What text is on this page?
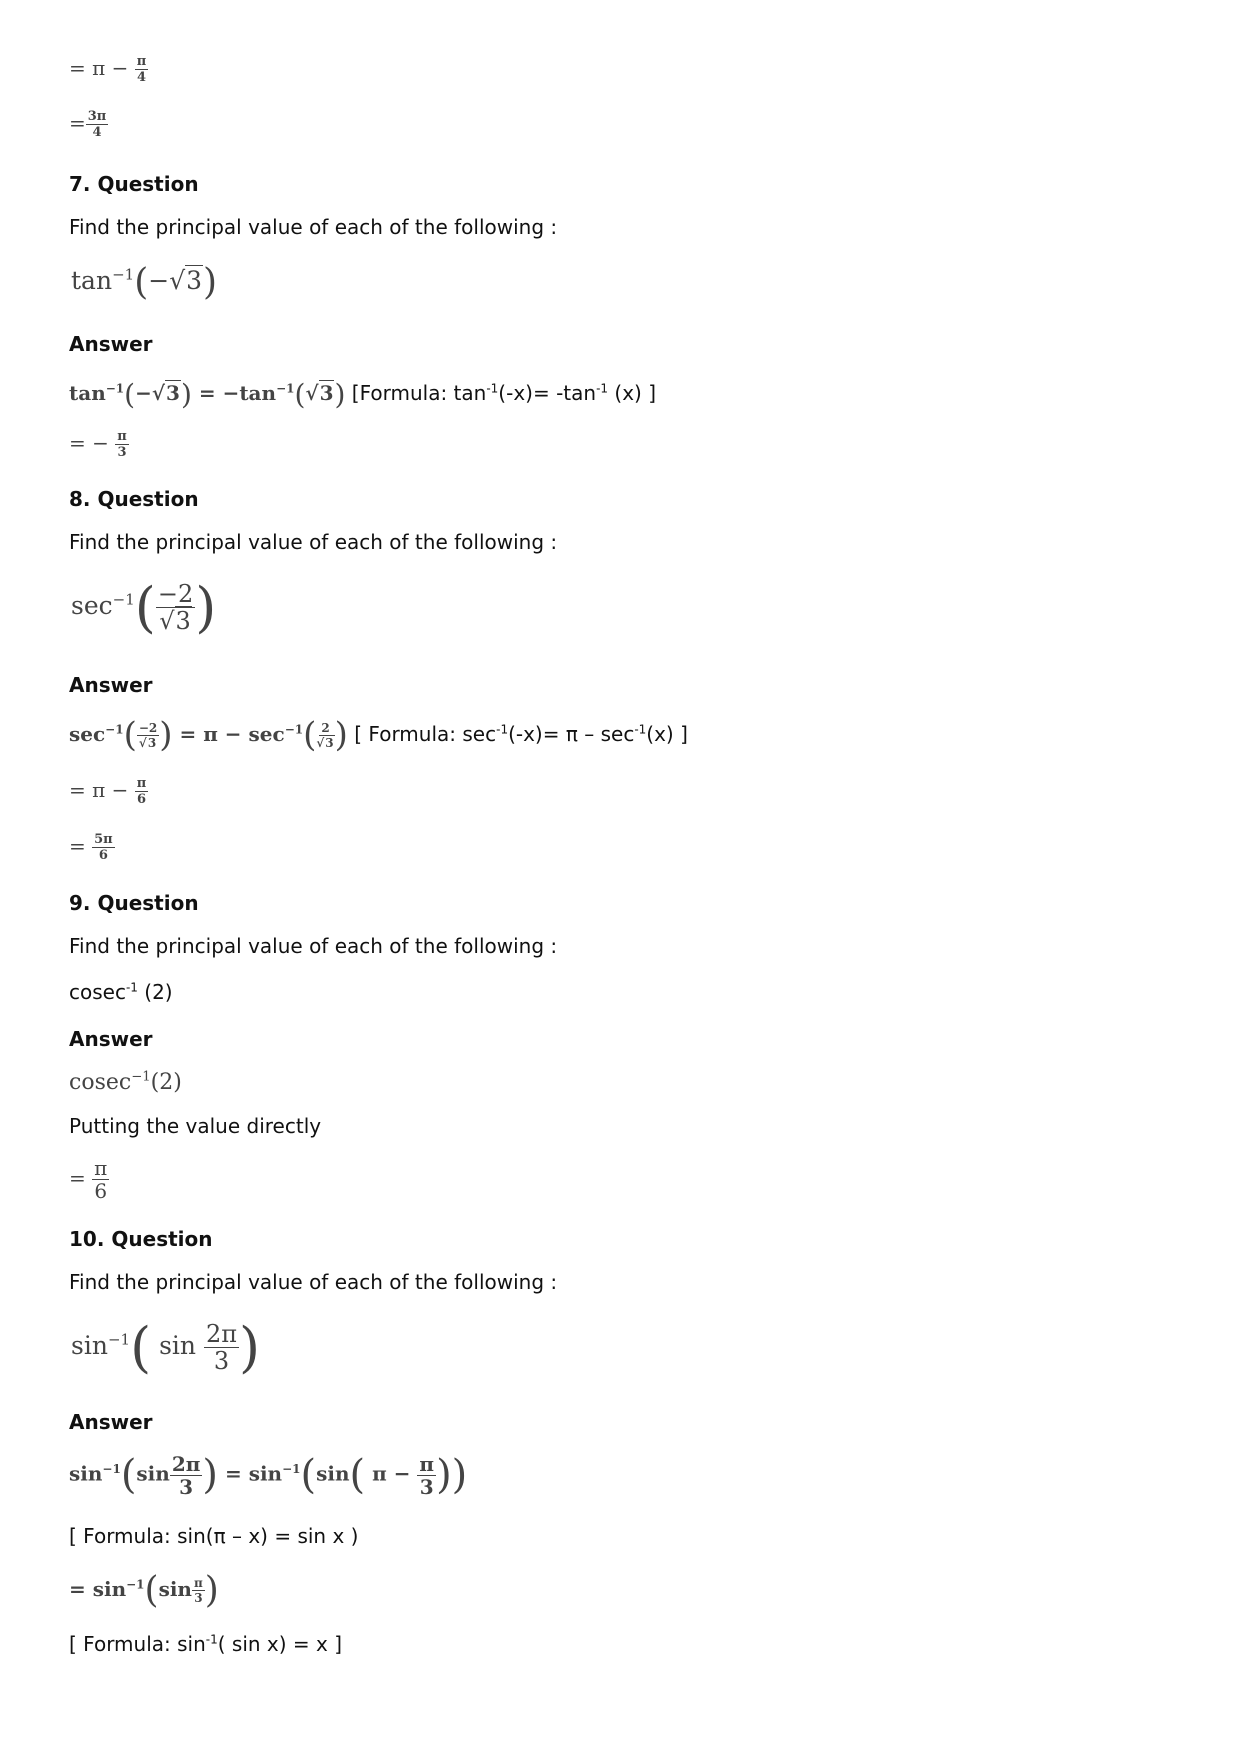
= $\pi - \frac{\pi}{4}$
= $\frac{3\pi}{4}$
7. Question
Find the principal value of each of the following :
$\tan^{-1}(-√3)$
Answer
$\tan^{-1}(-√3) = -\tan^{-1}(√3)$ [Formula: $\tan^{-1}(-x)= -\tan^{-1}$ (x) ]
= − $\frac{\pi}{3}$
8. Question
Find the principal value of each of the following :
$\sec^{-1}( \frac{-2}{√3}$ )
Answer
$\sec^{-1}( \frac{-2}{√3}$ ) = $\pi - \sec^{-1}( \frac{2}{√3}$ ) [ Formula: $\sec^{-1}(-x)= \pi - \sec^{-1}(x)$ ]
= $\pi - \frac{\pi}{6}$
= $\frac{5\pi}{6}$
9. Question
Find the principal value of each of the following :
cosec$^{-1}$ (2)
Answer
cosec$^{-1}$(2)
Putting the value directly
= $\frac{\pi}{6}$
10. Question
Find the principal value of each of the following :
$\sin^{-1}$( $\sin \frac{2\pi}{3}$ )
Answer
$\sin^{-1}(\sin \frac{2\pi}{3}$ ) = $\sin^{-1}(\sin$( $\pi - \frac{\pi}{3}$ ))
[ Formula: sin(π – x) = sin x )
= $\sin^{-1}(\sin \frac{\pi}{3}$ )
[ Formula: $\sin^{-1}$( sin x) = x ]
